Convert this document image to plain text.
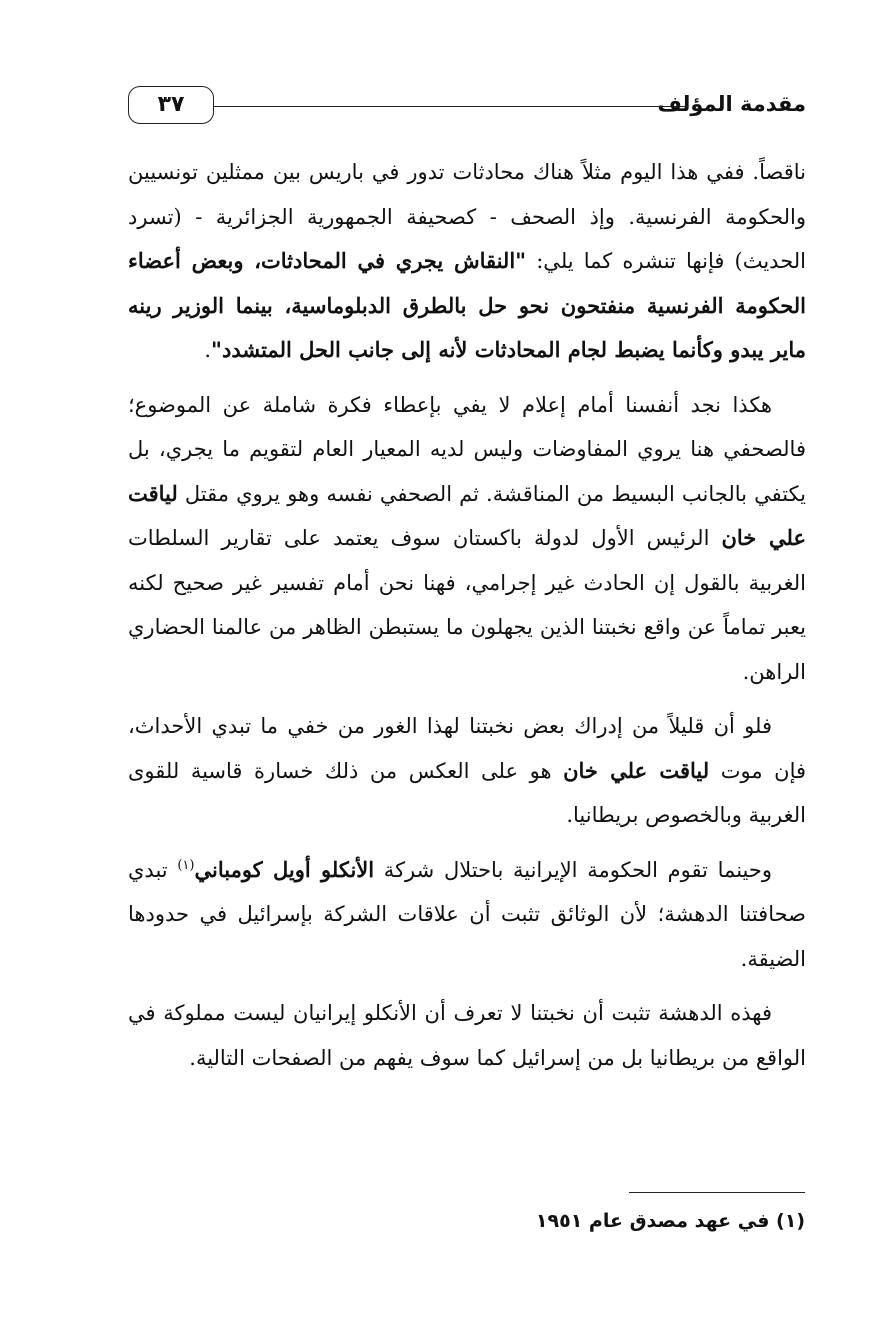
مقدمة المؤلف
٣٧

ناقصاً. ففي هذا اليوم مثلاً هناك محادثات تدور في باريس بين ممثلين تونسيين والحكومة الفرنسية. وإذ الصحف - كصحيفة الجمهورية الجزائرية - (تسرد الحديث) فإنها تنشره كما يلي: "النقاش يجري في المحادثات، وبعض أعضاء الحكومة الفرنسية منفتحون نحو حل بالطرق الدبلوماسية، بينما الوزير رينه ماير يبدو وكأنما يضبط لجام المحادثات لأنه إلى جانب الحل المتشدد".

هكذا نجد أنفسنا أمام إعلام لا يفي بإعطاء فكرة شاملة عن الموضوع؛ فالصحفي هنا يروي المفاوضات وليس لديه المعيار العام لتقويم ما يجري، بل يكتفي بالجانب البسيط من المناقشة. ثم الصحفي نفسه وهو يروي مقتل لياقت علي خان الرئيس الأول لدولة باكستان سوف يعتمد على تقارير السلطات الغربية بالقول إن الحادث غير إجرامي، فهنا نحن أمام تفسير غير صحيح لكنه يعبر تماماً عن واقع نخبتنا الذين يجهلون ما يستبطن الظاهر من عالمنا الحضاري الراهن.

فلو أن قليلاً من إدراك بعض نخبتنا لهذا الغور من خفي ما تبدي الأحداث، فإن موت لياقت علي خان هو على العكس من ذلك خسارة قاسية للقوى الغربية وبالخصوص بريطانيا.

وحينما تقوم الحكومة الإيرانية باحتلال شركة الأنكلو أويل كومباني$^{(١)}$ تبدي صحافتنا الدهشة؛ لأن الوثائق تثبت أن علاقات الشركة بإسرائيل في حدودها الضيقة.

فهذه الدهشة تثبت أن نخبتنا لا تعرف أن الأنكلو إيرانيان ليست مملوكة في الواقع من بريطانيا بل من إسرائيل كما سوف يفهم من الصفحات التالية.

(١) في عهد مصدق عام ١٩٥١
